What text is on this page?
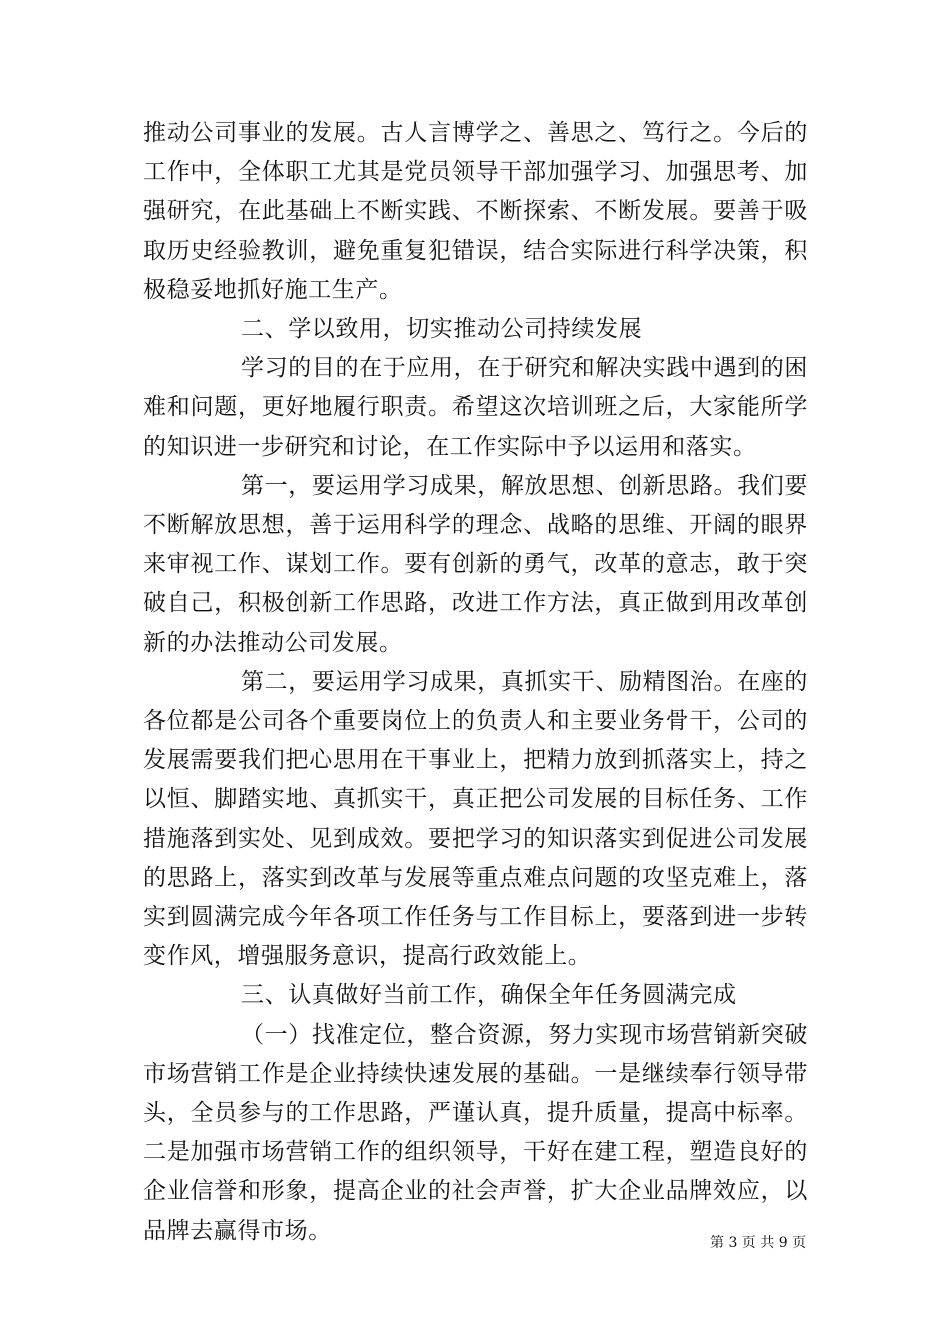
推动公司事业的发展。古人言博学之、善思之、笃行之。今后的工作中，全体职工尤其是党员领导干部加强学习、加强思考、加强研究，在此基础上不断实践、不断探索、不断发展。要善于吸取历史经验教训，避免重复犯错误，结合实际进行科学决策，积极稳妥地抓好施工生产。

二、学以致用，切实推动公司持续发展

学习的目的在于应用，在于研究和解决实践中遇到的困难和问题，更好地履行职责。希望这次培训班之后，大家能所学的知识进一步研究和讨论，在工作实际中予以运用和落实。

第一，要运用学习成果，解放思想、创新思路。我们要不断解放思想，善于运用科学的理念、战略的思维、开阔的眼界来审视工作、谋划工作。要有创新的勇气，改革的意志，敢于突破自己，积极创新工作思路，改进工作方法，真正做到用改革创新的办法推动公司发展。

第二，要运用学习成果，真抓实干、励精图治。在座的各位都是公司各个重要岗位上的负责人和主要业务骨干，公司的发展需要我们把心思用在干事业上，把精力放到抓落实上，持之以恒、脚踏实地、真抓实干，真正把公司发展的目标任务、工作措施落到实处、见到成效。要把学习的知识落实到促进公司发展的思路上，落实到改革与发展等重点难点问题的攻坚克难上，落实到圆满完成今年各项工作任务与工作目标上，要落到进一步转变作风，增强服务意识，提高行政效能上。

三、认真做好当前工作，确保全年任务圆满完成

（一）找准定位，整合资源，努力实现市场营销新突破市场营销工作是企业持续快速发展的基础。一是继续奉行领导带头，全员参与的工作思路，严谨认真，提升质量，提高中标率。二是加强市场营销工作的组织领导，干好在建工程，塑造良好的企业信誉和形象，提高企业的社会声誉，扩大企业品牌效应，以品牌去赢得市场。	第 3 页 共 9 页
